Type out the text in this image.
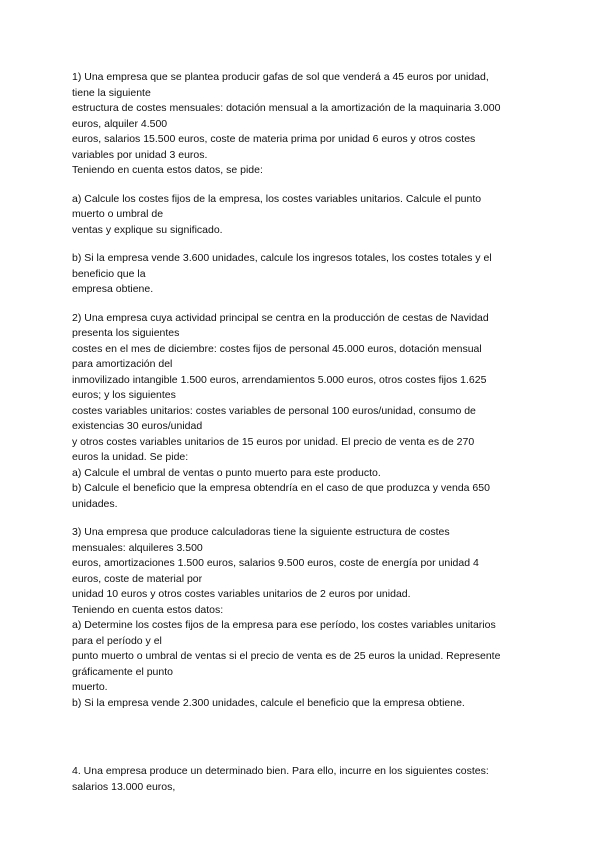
1) Una empresa que se plantea producir gafas de sol que venderá a 45 euros por unidad,
tiene la siguiente
estructura de costes mensuales: dotación mensual a la amortización de la maquinaria 3.000
euros, alquiler 4.500
euros, salarios 15.500 euros, coste de materia prima por unidad 6 euros y otros costes
variables por unidad 3 euros.
Teniendo en cuenta estos datos, se pide:
a) Calcule los costes fijos de la empresa, los costes variables unitarios. Calcule el punto
muerto o umbral de
ventas y explique su significado.
b) Si la empresa vende 3.600 unidades, calcule los ingresos totales, los costes totales y el
beneficio que la
empresa obtiene.
2) Una empresa cuya actividad principal se centra en la producción de cestas de Navidad
presenta los siguientes
costes en el mes de diciembre: costes fijos de personal 45.000 euros, dotación mensual
para amortización del
inmovilizado intangible 1.500 euros, arrendamientos 5.000 euros, otros costes fijos 1.625
euros; y los siguientes
costes variables unitarios: costes variables de personal 100 euros/unidad, consumo de
existencias 30 euros/unidad
y otros costes variables unitarios de 15 euros por unidad. El precio de venta es de 270
euros la unidad. Se pide:
a) Calcule el umbral de ventas o punto muerto para este producto.
b) Calcule el beneficio que la empresa obtendría en el caso de que produzca y venda 650
unidades.
3) Una empresa que produce calculadoras tiene la siguiente estructura de costes
mensuales: alquileres 3.500
euros, amortizaciones 1.500 euros, salarios 9.500 euros, coste de energía por unidad 4
euros, coste de material por
unidad 10 euros y otros costes variables unitarios de 2 euros por unidad.
Teniendo en cuenta estos datos:
a) Determine los costes fijos de la empresa para ese período, los costes variables unitarios
para el período y el
punto muerto o umbral de ventas si el precio de venta es de 25 euros la unidad. Represente
gráficamente el punto
muerto.
b) Si la empresa vende 2.300 unidades, calcule el beneficio que la empresa obtiene.
4. Una empresa produce un determinado bien. Para ello, incurre en los siguientes costes:
salarios 13.000 euros,
